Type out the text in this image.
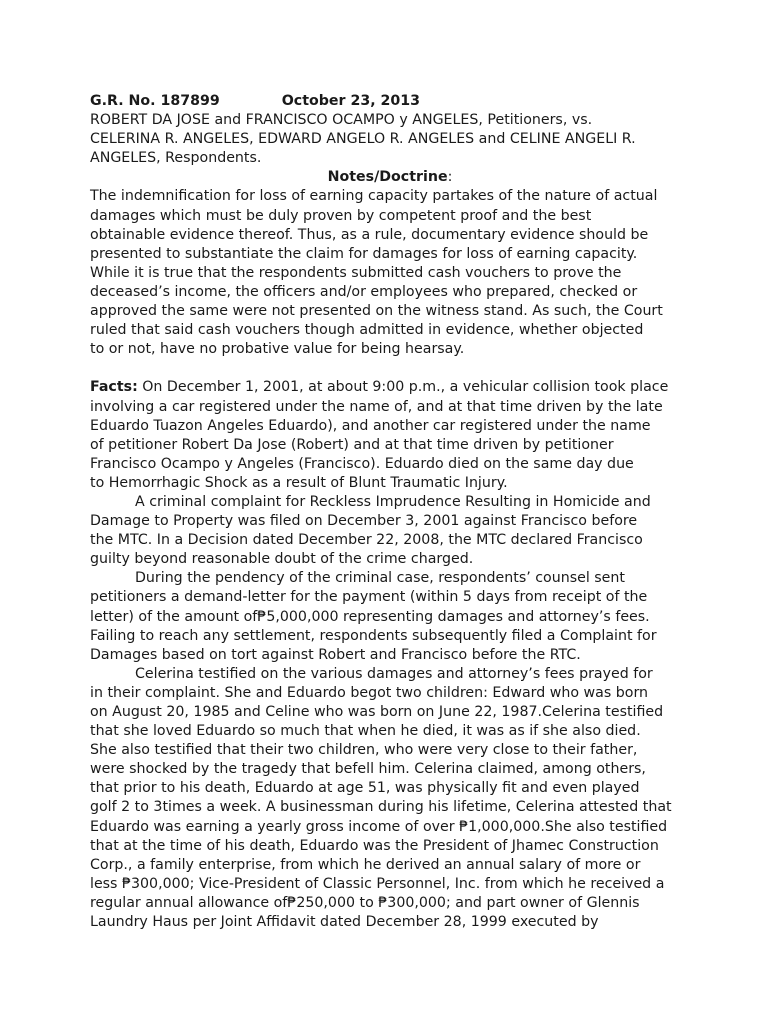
G.R. No. 187899	October 23, 2013
ROBERT DA JOSE and FRANCISCO OCAMPO y ANGELES, Petitioners, vs.
CELERINA R. ANGELES, EDWARD ANGELO R. ANGELES and CELINE ANGELI R.
ANGELES, Respondents.
Notes/Doctrine:
The indemnification for loss of earning capacity partakes of the nature of actual
damages which must be duly proven by competent proof and the best
obtainable evidence thereof. Thus, as a rule, documentary evidence should be
presented to substantiate the claim for damages for loss of earning capacity.
While it is true that the respondents submitted cash vouchers to prove the
deceased’s income, the officers and/or employees who prepared, checked or
approved the same were not presented on the witness stand. As such, the Court
ruled that said cash vouchers though admitted in evidence, whether objected
to or not, have no probative value for being hearsay.
Facts: On December 1, 2001, at about 9:00 p.m., a vehicular collision took place
involving a car registered under the name of, and at that time driven by the late
Eduardo Tuazon Angeles Eduardo), and another car registered under the name
of petitioner Robert Da Jose (Robert) and at that time driven by petitioner
Francisco Ocampo y Angeles (Francisco). Eduardo died on the same day due
to Hemorrhagic Shock as a result of Blunt Traumatic Injury.
A criminal complaint for Reckless Imprudence Resulting in Homicide and
Damage to Property was filed on December 3, 2001 against Francisco before
the MTC. In a Decision dated December 22, 2008, the MTC declared Francisco
guilty beyond reasonable doubt of the crime charged.
During the pendency of the criminal case, respondents’ counsel sent
petitioners a demand-letter for the payment (within 5 days from receipt of the
letter) of the amount of₱5,000,000 representing damages and attorney’s fees.
Failing to reach any settlement, respondents subsequently filed a Complaint for
Damages based on tort against Robert and Francisco before the RTC.
Celerina testified on the various damages and attorney’s fees prayed for
in their complaint. She and Eduardo begot two children: Edward who was born
on August 20, 1985 and Celine who was born on June 22, 1987.Celerina testified
that she loved Eduardo so much that when he died, it was as if she also died.
She also testified that their two children, who were very close to their father,
were shocked by the tragedy that befell him. Celerina claimed, among others,
that prior to his death, Eduardo at age 51, was physically fit and even played
golf 2 to 3times a week. A businessman during his lifetime, Celerina attested that
Eduardo was earning a yearly gross income of over ₱1,000,000.She also testified
that at the time of his death, Eduardo was the President of Jhamec Construction
Corp., a family enterprise, from which he derived an annual salary of more or
less ₱300,000; Vice-President of Classic Personnel, Inc. from which he received a
regular annual allowance of₱250,000 to ₱300,000; and part owner of Glennis
Laundry Haus per Joint Affidavit dated December 28, 1999 executed by
